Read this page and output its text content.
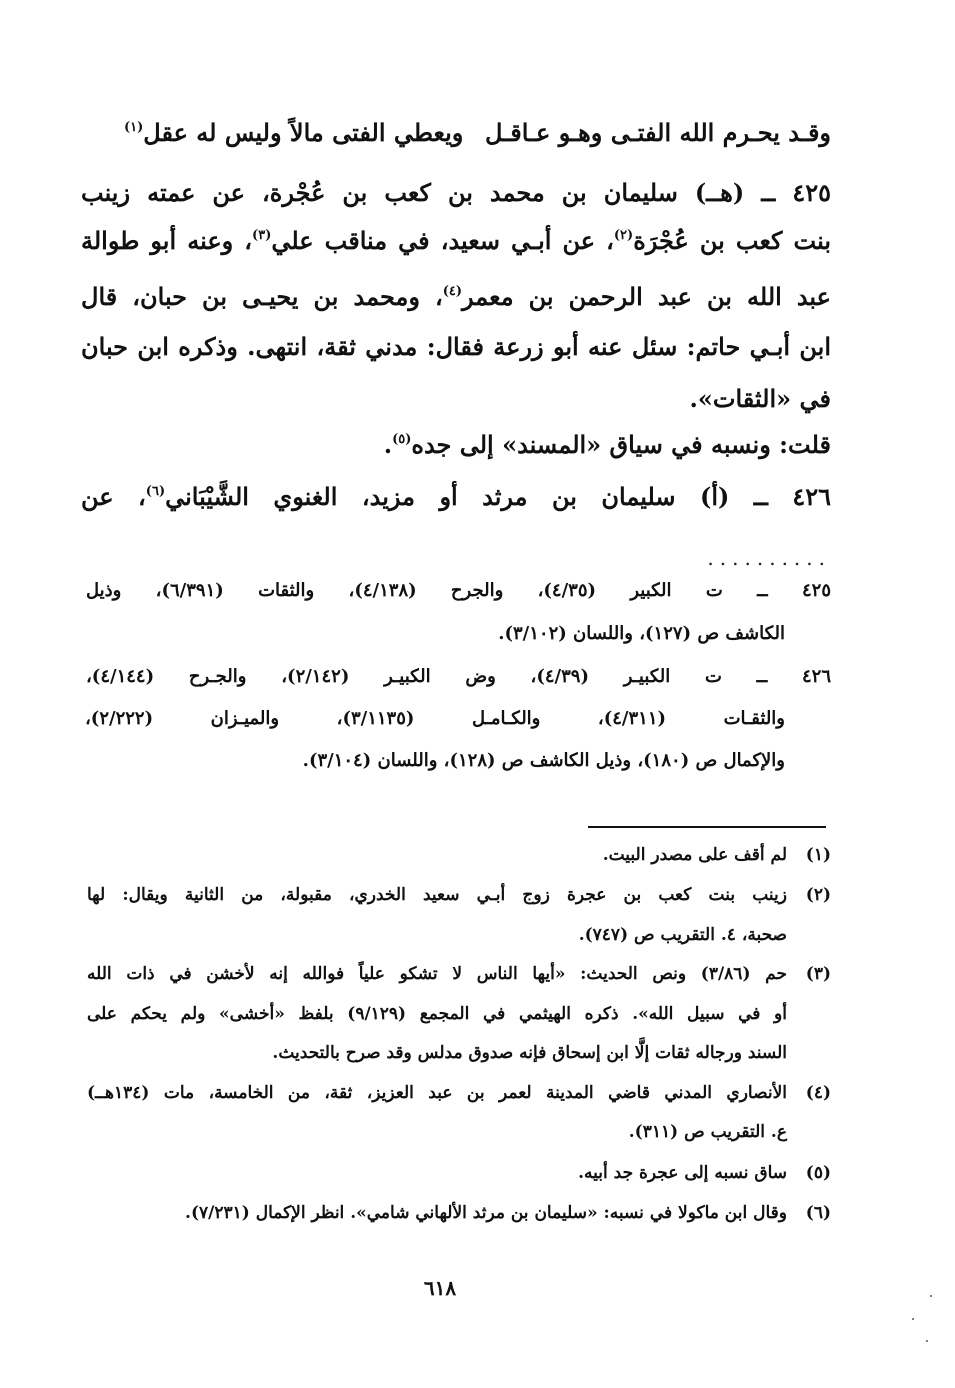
وقـد يحـرم الله الفتـى وهـو عـاقـل
ويعطي الفتى مالاً وليس له عقل$^{(١)}$
٤٢٥ ــ (هــ) سليمان بن محمد بن كعب بن عُجْرة، عن عمته زينب
بنت كعب بن عُجْرَة$^{(٢)}$، عن أبـي سعيد، في مناقب علي$^{(٣)}$، وعنه أبو طوالة
عبد الله بن عبد الرحمن بن معمر$^{(٤)}$، ومحمد بن يحيـى بن حبان، قال
ابن أبـي حاتم: سئل عنه أبو زرعة فقال: مدني ثقة، انتهى. وذكره ابن حبان
في «الثقات».
قلت: ونسبه في سياق «المسند» إلى جده$^{(٥)}$.
٤٢٦ ــ (أ) سليمان بن مرثد أو مزيد، الغنوي الشَّيْبَاني$^{(٦)}$، عن
..........
٤٢٥ ــ ت الكبير (٤/٣٥)، والجرح (٤/١٣٨)، والثقات (٦/٣٩١)، وذيل
الكاشف ص (١٢٧)، واللسان (٣/١٠٢).
٤٢٦ ــ ت الكبيـر (٤/٣٩)، وض الكبيـر (٢/١٤٢)، والجـرح (٤/١٤٤)،
والثقـات (٤/٣١١)، والكـامـل (٣/١١٣٥)، والميـزان (٢/٢٢٢)،
والإكمال ص (١٨٠)، وذيل الكاشف ص (١٢٨)، واللسان (٣/١٠٤).
(١)
لم أقف على مصدر البيت.
(٢)
زينب بنت كعب بن عجرة زوج أبـي سعيد الخدري، مقبولة، من الثانية ويقال: لها
صحبة، ٤. التقريب ص (٧٤٧).
(٣)
حم (٣/٨٦) ونص الحديث: «أيها الناس لا تشكو علياً فوالله إنه لأخشن في ذات الله
أو في سبيل الله». ذكره الهيثمي في المجمع (٩/١٢٩) بلفظ «أخشى» ولم يحكم على
السند ورجاله ثقات إلَّا ابن إسحاق فإنه صدوق مدلس وقد صرح بالتحديث.
(٤)
الأنصاري المدني قاضي المدينة لعمر بن عبد العزيز، ثقة، من الخامسة، مات (١٣٤هــ)
ع. التقريب ص (٣١١).
(٥)
ساق نسبه إلى عجرة جد أبيه.
(٦)
وقال ابن ماكولا في نسبه: «سليمان بن مرثد الألهاني شامي». انظر الإكمال (٧/٢٣١).
٦١٨
